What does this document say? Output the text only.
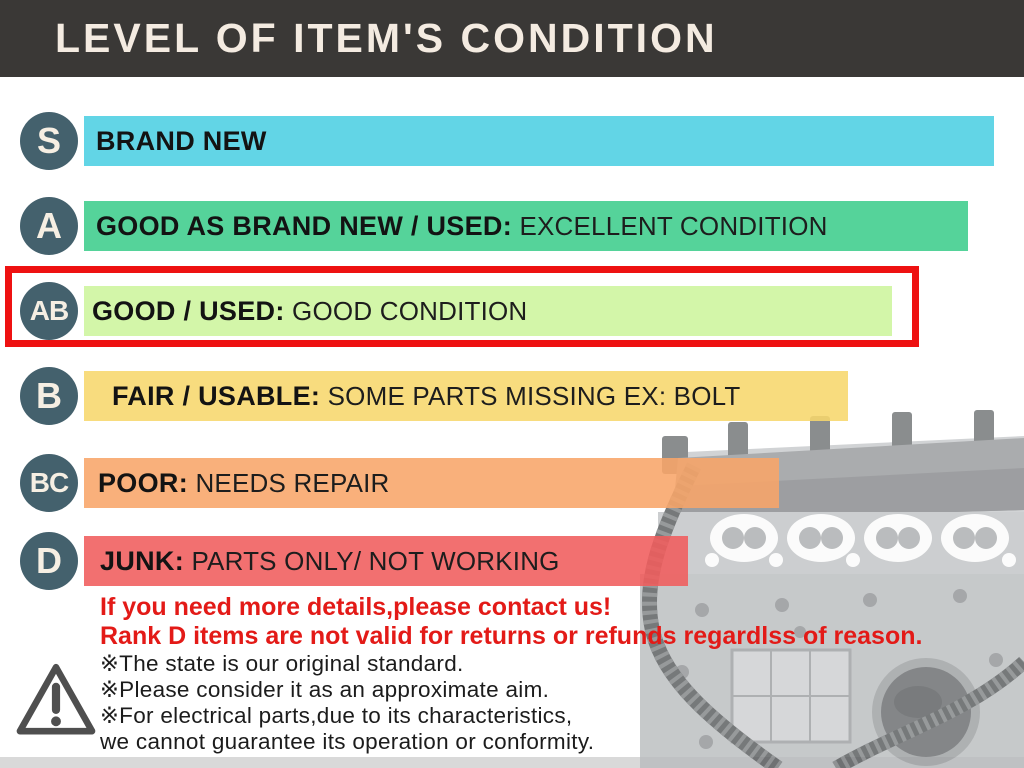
LEVEL OF ITEM'S CONDITION
BRAND NEW
S
GOOD AS BRAND NEW / USED: EXCELLENT CONDITION
A
GOOD / USED: GOOD CONDITION
AB
FAIR / USABLE: SOME PARTS MISSING EX: BOLT
B
POOR: NEEDS REPAIR
BC
JUNK: PARTS ONLY/ NOT WORKING
D
If you need more details,please contact us!
Rank D items are not valid for returns or refunds regardlss of reason.
※The state is our original standard.
※Please consider it as an approximate aim.
※For electrical parts,due to its characteristics,
we cannot guarantee its operation or conformity.
